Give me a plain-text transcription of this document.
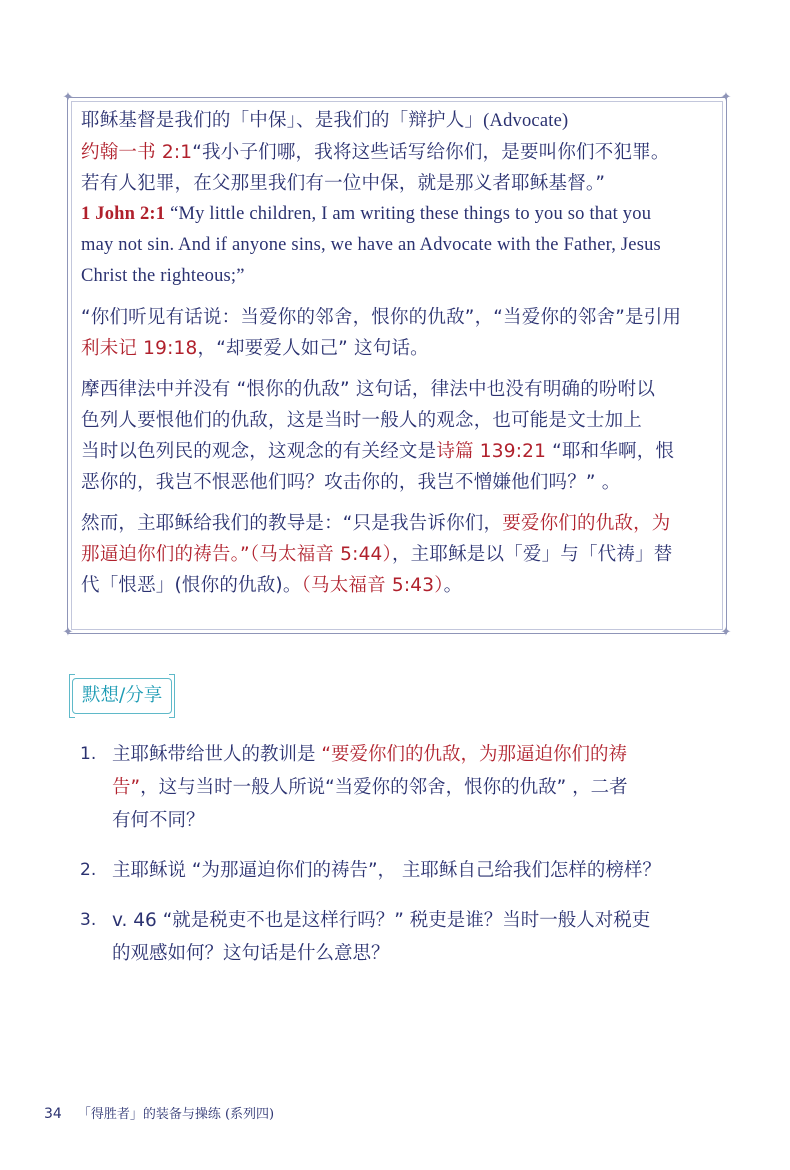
✦	✦
✦	✦
耶稣基督是我们的「中保」、是我们的「辩护人」(Advocate)
约翰一书 2:1“我小子们哪，我将这些话写给你们，是要叫你们不犯罪。
若有人犯罪，在父那里我们有一位中保，就是那义者耶稣基督。”
1 John 2:1 “My little children, I am writing these things to you so that you
may not sin. And if anyone sins, we have an Advocate with the Father, Jesus
Christ the righteous;”
“你们听见有话说：当爱你的邻舍，恨你的仇敌”，“当爱你的邻舍”是引用
利未记 19:18，“却要爱人如己” 这句话。
摩西律法中并没有 “恨你的仇敌” 这句话，律法中也没有明确的吩咐以
色列人要恨他们的仇敌，这是当时一般人的观念，也可能是文士加上
当时以色列民的观念，这观念的有关经文是诗篇 139:21 “耶和华啊，恨
恶你的，我岂不恨恶他们吗？攻击你的，我岂不憎嫌他们吗？” 。
然而，主耶稣给我们的教导是：“只是我告诉你们，要爱你们的仇敌，为
那逼迫你们的祷告。”（马太福音 5:44），主耶稣是以「爱」与「代祷」替
代「恨恶」(恨你的仇敌)。（马太福音 5:43）。
默想/分享
1. 主耶稣带给世人的教训是 “要爱你们的仇敌，为那逼迫你们的祷
告”，这与当时一般人所说“当爱你的邻舍，恨你的仇敌” ，二者
有何不同？
2. 主耶稣说 “为那逼迫你们的祷告”， 主耶稣自己给我们怎样的榜样？
3. v. 46 “就是税吏不也是这样行吗？” 税吏是谁？当时一般人对税吏
的观感如何？这句话是什么意思？
34 「得胜者」的装备与操练 (系列四)
